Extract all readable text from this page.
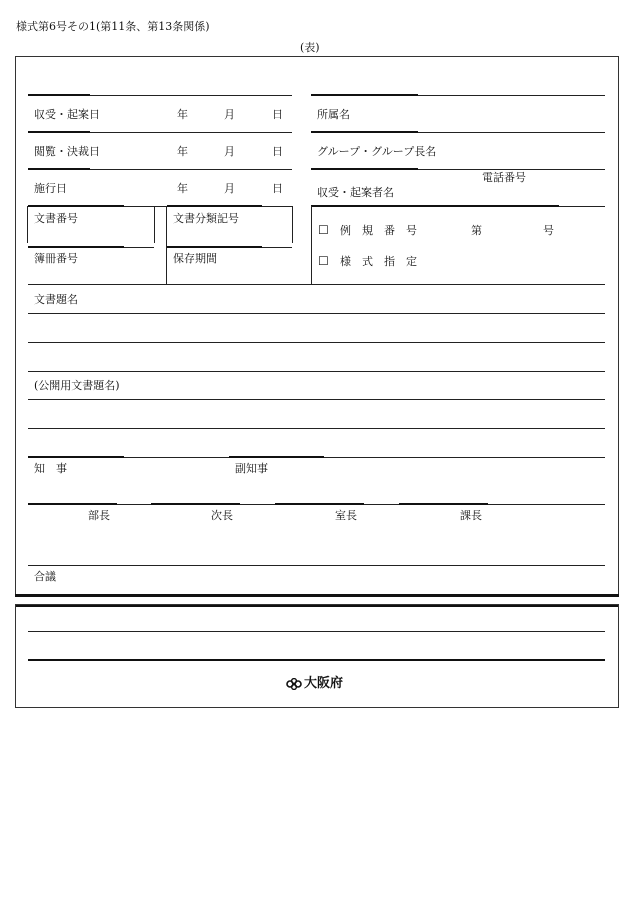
様式第6号その1(第11条、第13条関係)
(表)
収受・起案日	年	月	日
閲覧・決裁日	年	月	日
施行日	年	月	日
所属名
グループ・グループ長名
電話番号
収受・起案者名
文書番号	文書分類記号
簿冊番号	保存期間
☐ 例　規　番　号	第	号
☐ 様　式　指　定
文書題名
(公開用文書題名)
知　事	副知事
部長	次長	室長	課長
合議
大阪府
